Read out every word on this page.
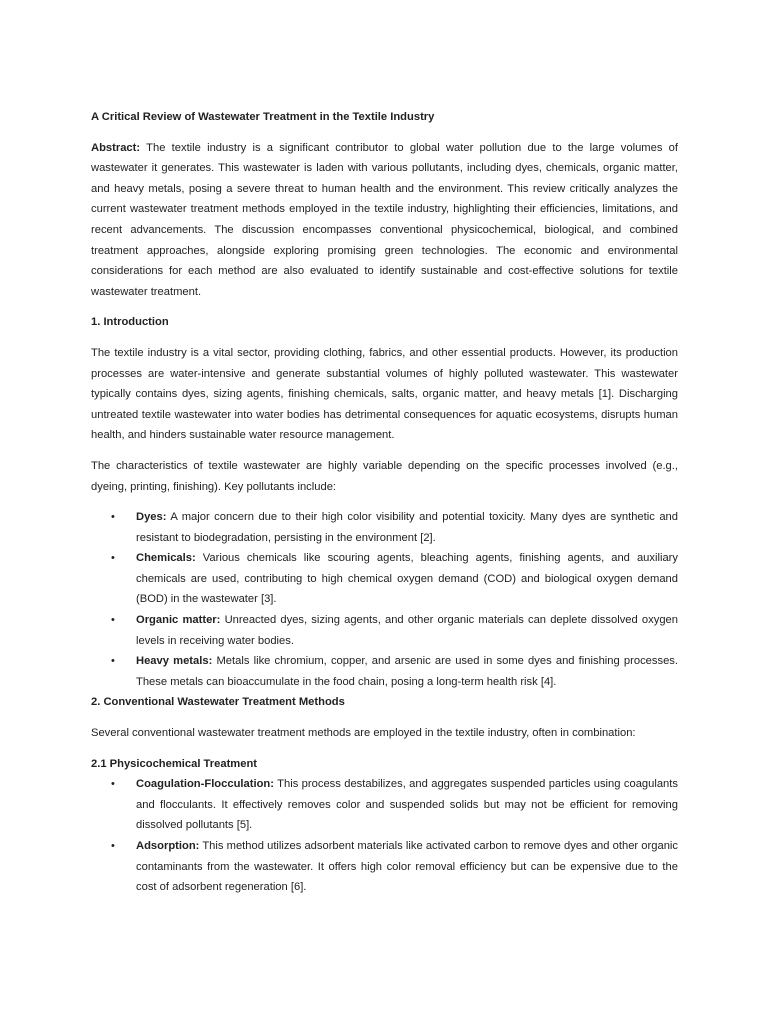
A Critical Review of Wastewater Treatment in the Textile Industry

Abstract: The textile industry is a significant contributor to global water pollution due to the large volumes of wastewater it generates. This wastewater is laden with various pollutants, including dyes, chemicals, organic matter, and heavy metals, posing a severe threat to human health and the environment. This review critically analyzes the current wastewater treatment methods employed in the textile industry, highlighting their efficiencies, limitations, and recent advancements. The discussion encompasses conventional physicochemical, biological, and combined treatment approaches, alongside exploring promising green technologies. The economic and environmental considerations for each method are also evaluated to identify sustainable and cost-effective solutions for textile wastewater treatment.

1. Introduction

The textile industry is a vital sector, providing clothing, fabrics, and other essential products. However, its production processes are water-intensive and generate substantial volumes of highly polluted wastewater. This wastewater typically contains dyes, sizing agents, finishing chemicals, salts, organic matter, and heavy metals [1]. Discharging untreated textile wastewater into water bodies has detrimental consequences for aquatic ecosystems, disrupts human health, and hinders sustainable water resource management.

The characteristics of textile wastewater are highly variable depending on the specific processes involved (e.g., dyeing, printing, finishing). Key pollutants include:

• Dyes: A major concern due to their high color visibility and potential toxicity. Many dyes are synthetic and resistant to biodegradation, persisting in the environment [2].
• Chemicals: Various chemicals like scouring agents, bleaching agents, finishing agents, and auxiliary chemicals are used, contributing to high chemical oxygen demand (COD) and biological oxygen demand (BOD) in the wastewater [3].
• Organic matter: Unreacted dyes, sizing agents, and other organic materials can deplete dissolved oxygen levels in receiving water bodies.
• Heavy metals: Metals like chromium, copper, and arsenic are used in some dyes and finishing processes. These metals can bioaccumulate in the food chain, posing a long-term health risk [4].
2. Conventional Wastewater Treatment Methods

Several conventional wastewater treatment methods are employed in the textile industry, often in combination:

2.1 Physicochemical Treatment
• Coagulation-Flocculation: This process destabilizes, and aggregates suspended particles using coagulants and flocculants. It effectively removes color and suspended solids but may not be efficient for removing dissolved pollutants [5].
• Adsorption: This method utilizes adsorbent materials like activated carbon to remove dyes and other organic contaminants from the wastewater. It offers high color removal efficiency but can be expensive due to the cost of adsorbent regeneration [6].
